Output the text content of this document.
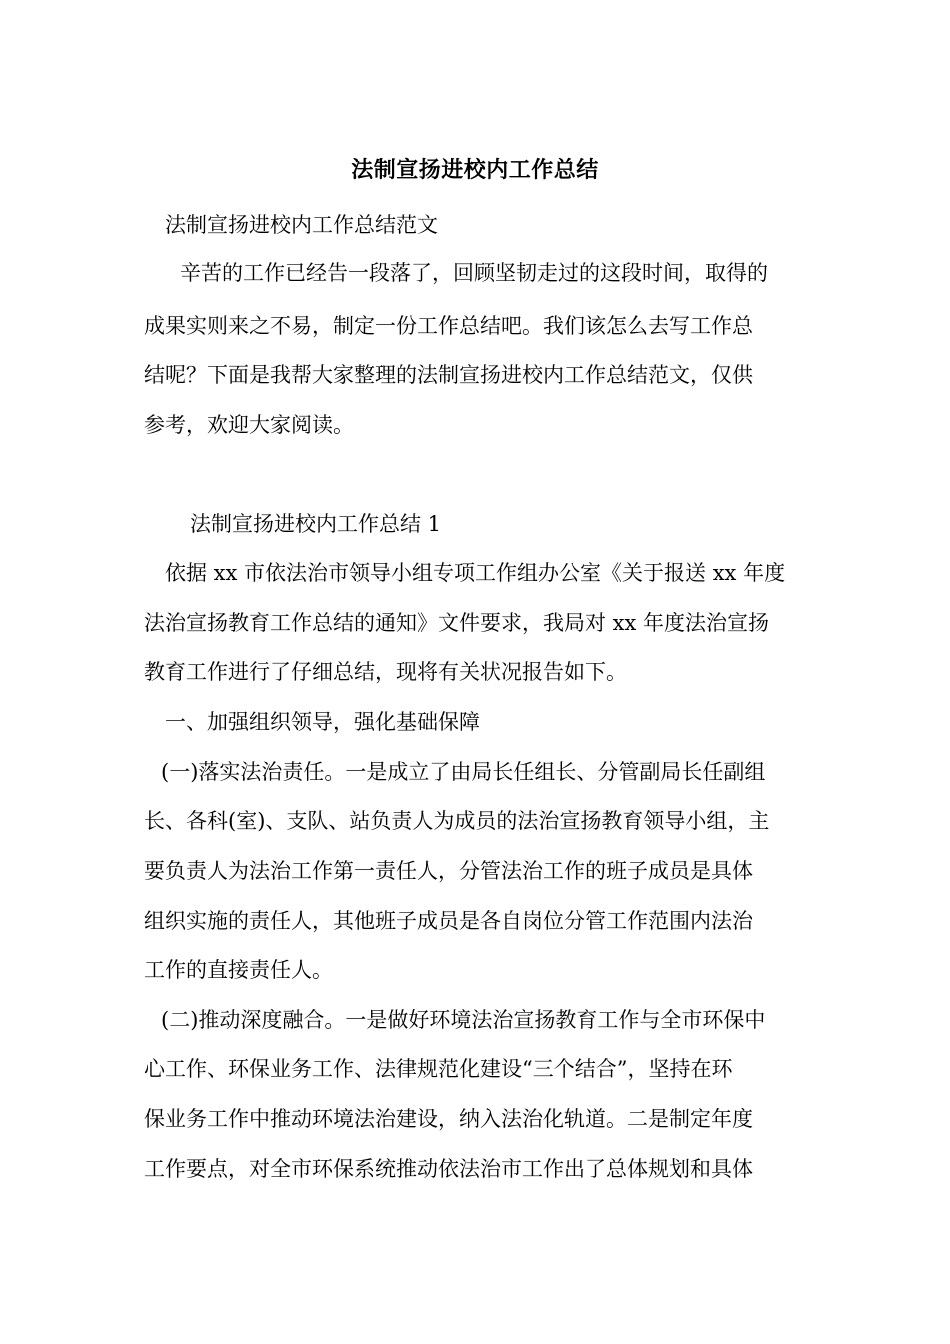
法制宣扬进校内工作总结
法制宣扬进校内工作总结范文
辛苦的工作已经告一段落了，回顾坚韧走过的这段时间，取得的
成果实则来之不易，制定一份工作总结吧。我们该怎么去写工作总
结呢？下面是我帮大家整理的法制宣扬进校内工作总结范文，仅供
参考，欢迎大家阅读。
法制宣扬进校内工作总结 1
依据 xx 市依法治市领导小组专项工作组办公室《关于报送 xx 年度
法治宣扬教育工作总结的通知》文件要求，我局对 xx 年度法治宣扬
教育工作进行了仔细总结，现将有关状况报告如下。
一、加强组织领导，强化基础保障
(一)落实法治责任。一是成立了由局长任组长、分管副局长任副组
长、各科(室)、支队、站负责人为成员的法治宣扬教育领导小组，主
要负责人为法治工作第一责任人，分管法治工作的班子成员是具体
组织实施的责任人，其他班子成员是各自岗位分管工作范围内法治
工作的直接责任人。
(二)推动深度融合。一是做好环境法治宣扬教育工作与全市环保中
心工作、环保业务工作、法律规范化建设“三个结合”，坚持在环
保业务工作中推动环境法治建设，纳入法治化轨道。二是制定年度
工作要点，对全市环保系统推动依法治市工作出了总体规划和具体
